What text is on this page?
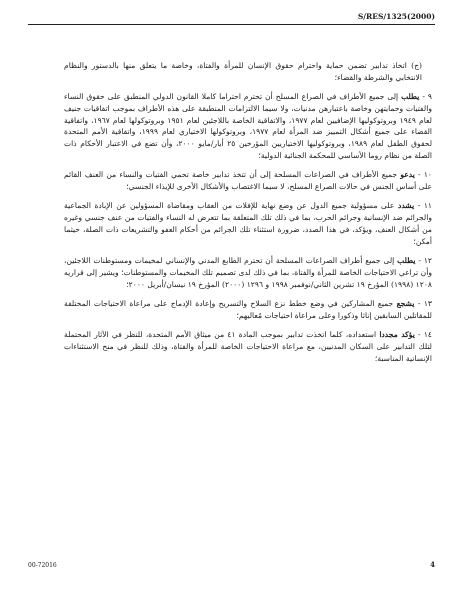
S/RES/1325(2000)

(ج) اتخاذ تدابير تضمن حماية واحترام حقوق الإنسان للمرأة والفتاة، وخاصة ما يتعلق منها بالدستور والنظام الانتخابي والشرطة والقضاء؛

٩ - يطلب إلى جميع الأطراف في الصراع المسلح أن تحترم احتراما كاملا القانون الدولي المنطبق على حقوق النساء والفتيات وحمايتهن وخاصة باعتبارهن مدنيات، ولا سيما الالتزامات المنطبقة على هذه الأطراف بموجب اتفاقيات جنيف لعام ١٩٤٩ وبروتوكوليها الإضافيين لعام ١٩٧٧، والاتفاقية الخاصة باللاجئين لعام ١٩٥١ وبروتوكولها لعام ١٩٦٧، واتفاقية القضاء على جميع أشكال التمييز ضد المرأة لعام ١٩٧٧، وبروتوكولها الاختياري لعام ١٩٩٩، واتفاقية الأمم المتحدة لحقوق الطفل لعام ١٩٨٩، وبروتوكوليها الاختياريين المؤرخين ٢٥ أيار/مايو ٢٠٠٠، وأن تضع في الاعتبار الأحكام ذات الصلة من نظام روما الأساسي للمحكمة الجنائية الدولية؛

١٠ - يدعو جميع الأطراف في الصراعات المسلحة إلى أن تتخذ تدابير خاصة تحمي الفتيات والنساء من العنف القائم على أساس الجنس في حالات الصراع المسلح، لا سيما الاغتصاب والأشكال الأخرى للإيذاء الجنسي؛

١١ - يشدد على مسؤولية جميع الدول عن وضع نهاية للإفلات من العقاب ومقاضاة المسؤولين عن الإبادة الجماعية والجرائم ضد الإنسانية وجرائم الحرب، بما في ذلك تلك المتعلقة بما تتعرض له النساء والفتيات من عنف جنسي وغيره من أشكال العنف، ويؤكد، في هذا الصدد، ضرورة استثناء تلك الجرائم من أحكام العفو والتشريعات ذات الصلة، حيثما أمكن؛

١٢ - يطلب إلى جميع أطراف الصراعات المسلحة أن تحترم الطابع المدني والإنساني لمخيمات ومستوطنات اللاجئين، وأن تراعي الاحتياجات الخاصة للمرأة والفتاة، بما في ذلك لدى تصميم تلك المخيمات والمستوطنات؛ ويشير إلى قراريه ١٢٠٨ (١٩٩٨) المؤرخ ١٩ تشرين الثاني/نوفمبر ١٩٩٨ و ١٢٩٦ (٢٠٠٠) المؤرخ ١٩ نيسان/أبريل ٢٠٠٠؛

١٣ - يشجع جميع المشاركين في وضع خطط نزع السلاح والتسريح وإعادة الإدماج على مراعاة الاحتياجات المختلفة للمقاتلين السابقين إناثا وذكورا وعلى مراعاة احتياجات مُعاليهم؛

١٤ - يؤكد مجددا استعداده، كلما اتخذت تدابير بموجب المادة ٤١ من ميثاق الأمم المتحدة، للنظر في الآثار المحتملة لتلك التدابير على السكان المدنيين، مع مراعاة الاحتياجات الخاصة للمرأة والفتاة، وذلك للنظر في منح الاستثناءات الإنسانية المناسبة؛

00-72016	4
